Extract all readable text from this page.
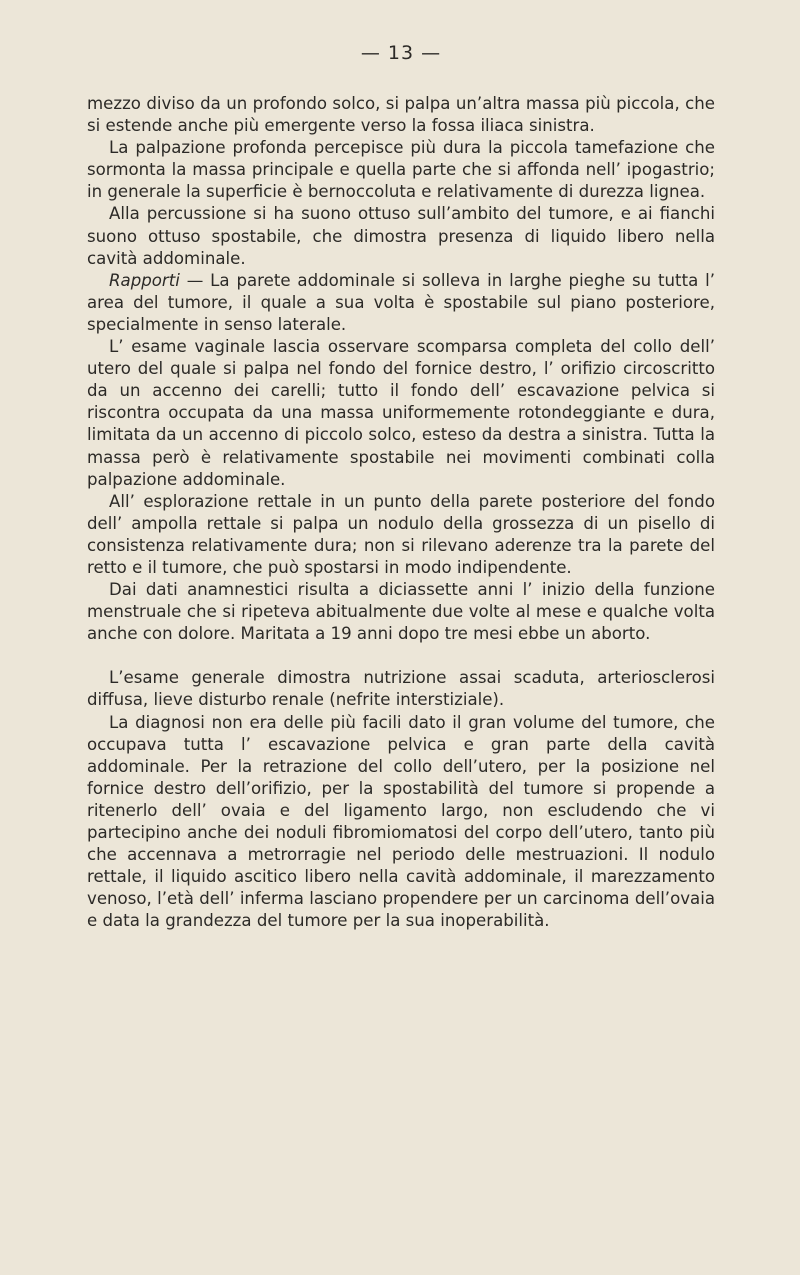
— 13 —

mezzo diviso da un profondo solco, si palpa un’altra massa più piccola, che si estende anche più emergente verso la fossa iliaca sinistra.

La palpazione profonda percepisce più dura la piccola tamefazione che sormonta la massa principale e quella parte che si affonda nell’ ipogastrio; in generale la superficie è bernoccoluta e relativamente di durezza lignea.

Alla percussione si ha suono ottuso sull’ambito del tumore, e ai fianchi suono ottuso spostabile, che dimostra presenza di liquido libero nella cavità addominale.

Rapporti — La parete addominale si solleva in larghe pieghe su tutta l’ area del tumore, il quale a sua volta è spostabile sul piano posteriore, specialmente in senso laterale.

L’ esame vaginale lascia osservare scomparsa completa del collo dell’ utero del quale si palpa nel fondo del fornice destro, l’ orifizio circoscritto da un accenno dei carelli; tutto il fondo dell’ escavazione pelvica si riscontra occupata da una massa uniformemente rotondeggiante e dura, limitata da un accenno di piccolo solco, esteso da destra a sinistra. Tutta la massa però è relativamente spostabile nei movimenti combinati colla palpazione addominale.

All’ esplorazione rettale in un punto della parete posteriore del fondo dell’ ampolla rettale si palpa un nodulo della grossezza di un pisello di consistenza relativamente dura; non si rilevano aderenze tra la parete del retto e il tumore, che può spostarsi in modo indipendente.

Dai dati anamnestici risulta a diciassette anni l’ inizio della funzione menstruale che si ripeteva abitualmente due volte al mese e qualche volta anche con dolore. Maritata a 19 anni dopo tre mesi ebbe un aborto.

L’esame generale dimostra nutrizione assai scaduta, arteriosclerosi diffusa, lieve disturbo renale (nefrite interstiziale).

La diagnosi non era delle più facili dato il gran volume del tumore, che occupava tutta l’ escavazione pelvica e gran parte della cavità addominale. Per la retrazione del collo dell’utero, per la posizione nel fornice destro dell’orifizio, per la spostabilità del tumore si propende a ritenerlo dell’ ovaia e del ligamento largo, non escludendo che vi partecipino anche dei noduli fibromiomatosi del corpo dell’utero, tanto più che accennava a metrorragie nel periodo delle mestruazioni. Il nodulo rettale, il liquido ascitico libero nella cavità addominale, il marezzamento venoso, l’età dell’ inferma lasciano propendere per un carcinoma dell’ovaia e data la grandezza del tumore per la sua inoperabilità.
